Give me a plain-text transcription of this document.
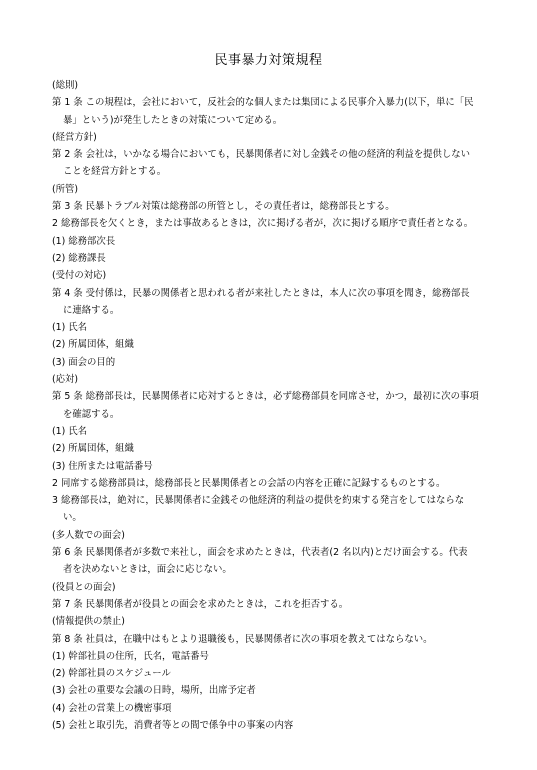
民事暴力対策規程
(総則)
第 1 条 この規程は，会社において，反社会的な個人または集団による民事介入暴力(以下，単に「民
暴」という)が発生したときの対策について定める。
(経営方針)
第 2 条 会社は，いかなる場合においても，民暴関係者に対し金銭その他の経済的利益を提供しない
ことを経営方針とする。
(所管)
第 3 条 民暴トラブル対策は総務部の所管とし，その責任者は，総務部長とする。
2 総務部長を欠くとき，または事故あるときは，次に掲げる者が，次に掲げる順序で責任者となる。
(1) 総務部次長
(2) 総務課長
(受付の対応)
第 4 条 受付係は，民暴の関係者と思われる者が来社したときは，本人に次の事項を聞き，総務部長
に連絡する。
(1) 氏名
(2) 所属団体，組織
(3) 面会の目的
(応対)
第 5 条 総務部長は，民暴関係者に応対するときは，必ず総務部員を同席させ，かつ，最初に次の事項
を確認する。
(1) 氏名
(2) 所属団体，組織
(3) 住所または電話番号
2 同席する総務部員は，総務部長と民暴関係者との会話の内容を正確に記録するものとする。
3 総務部長は，絶対に，民暴関係者に金銭その他経済的利益の提供を約束する発言をしてはならな
い。
(多人数での面会)
第 6 条 民暴関係者が多数で来社し，面会を求めたときは，代表者(2 名以内)とだけ面会する。代表
者を決めないときは，面会に応じない。
(役員との面会)
第 7 条 民暴関係者が役員との面会を求めたときは，これを拒否する。
(情報提供の禁止)
第 8 条 社員は，在職中はもとより退職後も，民暴関係者に次の事項を教えてはならない。
(1) 幹部社員の住所，氏名，電話番号
(2) 幹部社員のスケジュール
(3) 会社の重要な会議の日時，場所，出席予定者
(4) 会社の営業上の機密事項
(5) 会社と取引先，消費者等との間で係争中の事案の内容
